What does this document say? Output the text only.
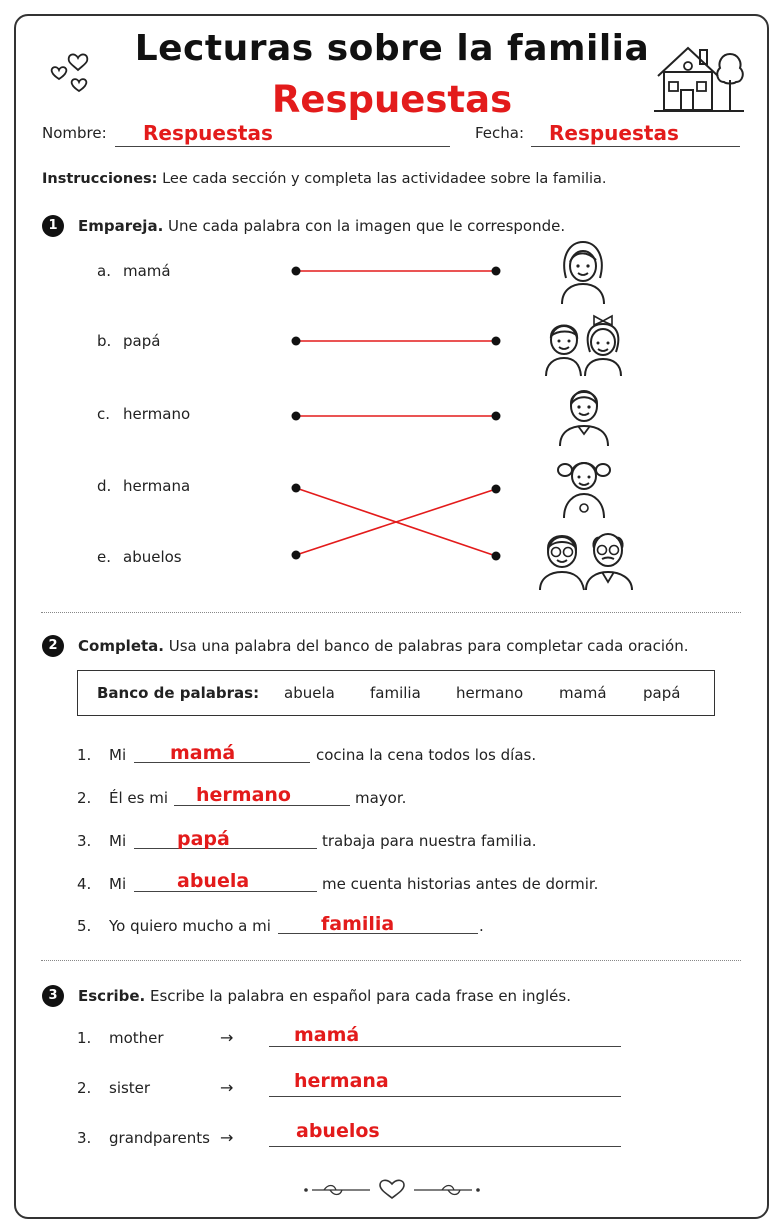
Lecturas sobre la familia
Respuestas
Nombre: Respuestas	Fecha: Respuestas
Instrucciones: Lee cada sección y completa las actividadee sobre la familia.
1	Empareja. Une cada palabra con la imagen que le corresponde.
a. mamá
b. papá
c. hermano
d. hermana
e. abuelos
2	Completa. Usa una palabra del banco de palabras para completar cada oración.
Banco de palabras: abuela familia hermano mamá papá
1. Mi mamá	cocina la cena todos los días.
2. Él es mi hermano	mayor.
3. Mi	papá	trabaja para nuestra familia.
4. Mi	abuela	me cuenta historias antes de dormir.
5. Yo quiero mucho a mi	familia	.
3	Escribe. Escribe la palabra en español para cada frase en inglés.
1. mother	→	mamá
2. sister	→	hermana
3. grandparents →	abuelos
